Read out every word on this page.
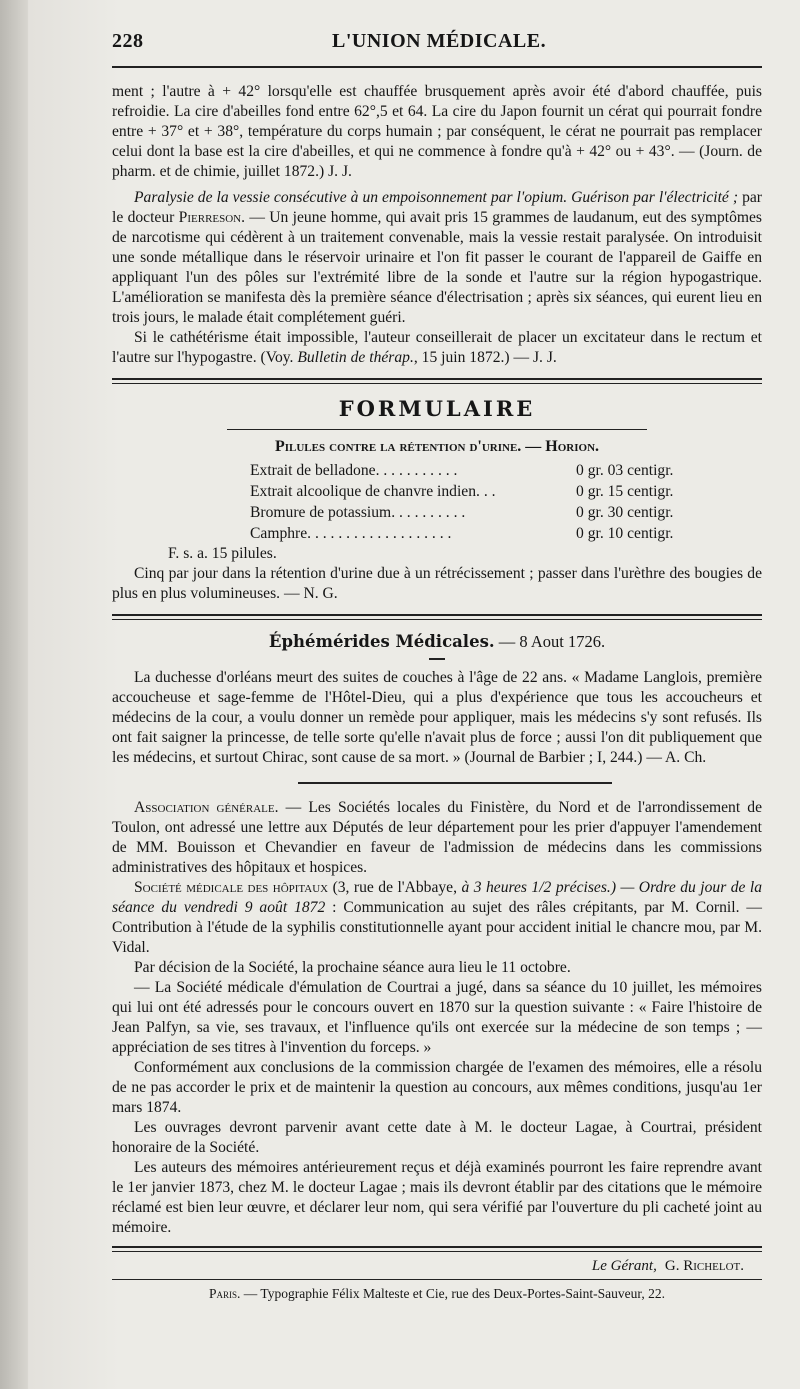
228	L'UNION MÉDICALE.

ment ; l'autre à + 42° lorsqu'elle est chauffée brusquement après avoir été d'abord chauffée, puis refroidie. La cire d'abeilles fond entre 62°,5 et 64. La cire du Japon fournit un cérat qui pourrait fondre entre + 37° et + 38°, température du corps humain ; par conséquent, le cérat ne pourrait pas remplacer celui dont la base est la cire d'abeilles, et qui ne commence à fondre qu'à + 42° ou + 43°. — (Journ. de pharm. et de chimie, juillet 1872.) J. J.

Paralysie de la vessie consécutive à un empoisonnement par l'opium. Guérison par l'électricité ; par le docteur Pierreson. — Un jeune homme, qui avait pris 15 grammes de laudanum, eut des symptômes de narcotisme qui cédèrent à un traitement convenable, mais la vessie restait paralysée. On introduisit une sonde métallique dans le réservoir urinaire et l'on fit passer le courant de l'appareil de Gaiffe en appliquant l'un des pôles sur l'extrémité libre de la sonde et l'autre sur la région hypogastrique. L'amélioration se manifesta dès la première séance d'électrisation ; après six séances, qui eurent lieu en trois jours, le malade était complétement guéri.

Si le cathétérisme était impossible, l'auteur conseillerait de placer un excitateur dans le rectum et l'autre sur l'hypogastre. (Voy. Bulletin de thérap., 15 juin 1872.) — J. J.

FORMULAIRE
Pilules contre la rétention d'urine. — Horion.
Extrait de belladone. . . . . . . . . . .	0 gr. 03 centigr.
Extrait alcoolique de chanvre indien. . .	0 gr. 15 centigr.
Bromure de potassium. . . . . . . . . .	0 gr. 30 centigr.
Camphre. . . . . . . . . . . . . . . . . . .	0 gr. 10 centigr.
F. s. a. 15 pilules.

Cinq par jour dans la rétention d'urine due à un rétrécissement ; passer dans l'urèthre des bougies de plus en plus volumineuses. — N. G.

Éphémérides Médicales. — 8 Aout 1726.

La duchesse d'orléans meurt des suites de couches à l'âge de 22 ans. « Madame Langlois, première accoucheuse et sage-femme de l'Hôtel-Dieu, qui a plus d'expérience que tous les accoucheurs et médecins de la cour, a voulu donner un remède pour appliquer, mais les médecins s'y sont refusés. Ils ont fait saigner la princesse, de telle sorte qu'elle n'avait plus de force ; aussi l'on dit publiquement que les médecins, et surtout Chirac, sont cause de sa mort. » (Journal de Barbier ; I, 244.) — A. Ch.

Association générale. — Les Sociétés locales du Finistère, du Nord et de l'arrondissement de Toulon, ont adressé une lettre aux Députés de leur département pour les prier d'appuyer l'amendement de MM. Bouisson et Chevandier en faveur de l'admission de médecins dans les commissions administratives des hôpitaux et hospices.

Société médicale des hôpitaux (3, rue de l'Abbaye, à 3 heures 1/2 précises.) — Ordre du jour de la séance du vendredi 9 août 1872 : Communication au sujet des râles crépitants, par M. Cornil. — Contribution à l'étude de la syphilis constitutionnelle ayant pour accident initial le chancre mou, par M. Vidal.

Par décision de la Société, la prochaine séance aura lieu le 11 octobre.

— La Société médicale d'émulation de Courtrai a jugé, dans sa séance du 10 juillet, les mémoires qui lui ont été adressés pour le concours ouvert en 1870 sur la question suivante : « Faire l'histoire de Jean Palfyn, sa vie, ses travaux, et l'influence qu'ils ont exercée sur la médecine de son temps ; — appréciation de ses titres à l'invention du forceps. »

Conformément aux conclusions de la commission chargée de l'examen des mémoires, elle a résolu de ne pas accorder le prix et de maintenir la question au concours, aux mêmes conditions, jusqu'au 1er mars 1874.

Les ouvrages devront parvenir avant cette date à M. le docteur Lagae, à Courtrai, président honoraire de la Société.

Les auteurs des mémoires antérieurement reçus et déjà examinés pourront les faire reprendre avant le 1er janvier 1873, chez M. le docteur Lagae ; mais ils devront établir par des citations que le mémoire réclamé est bien leur œuvre, et déclarer leur nom, qui sera vérifié par l'ouverture du pli cacheté joint au mémoire.

Le Gérant, G. Richelot.
Paris. — Typographie Félix Malteste et Cie, rue des Deux-Portes-Saint-Sauveur, 22.
